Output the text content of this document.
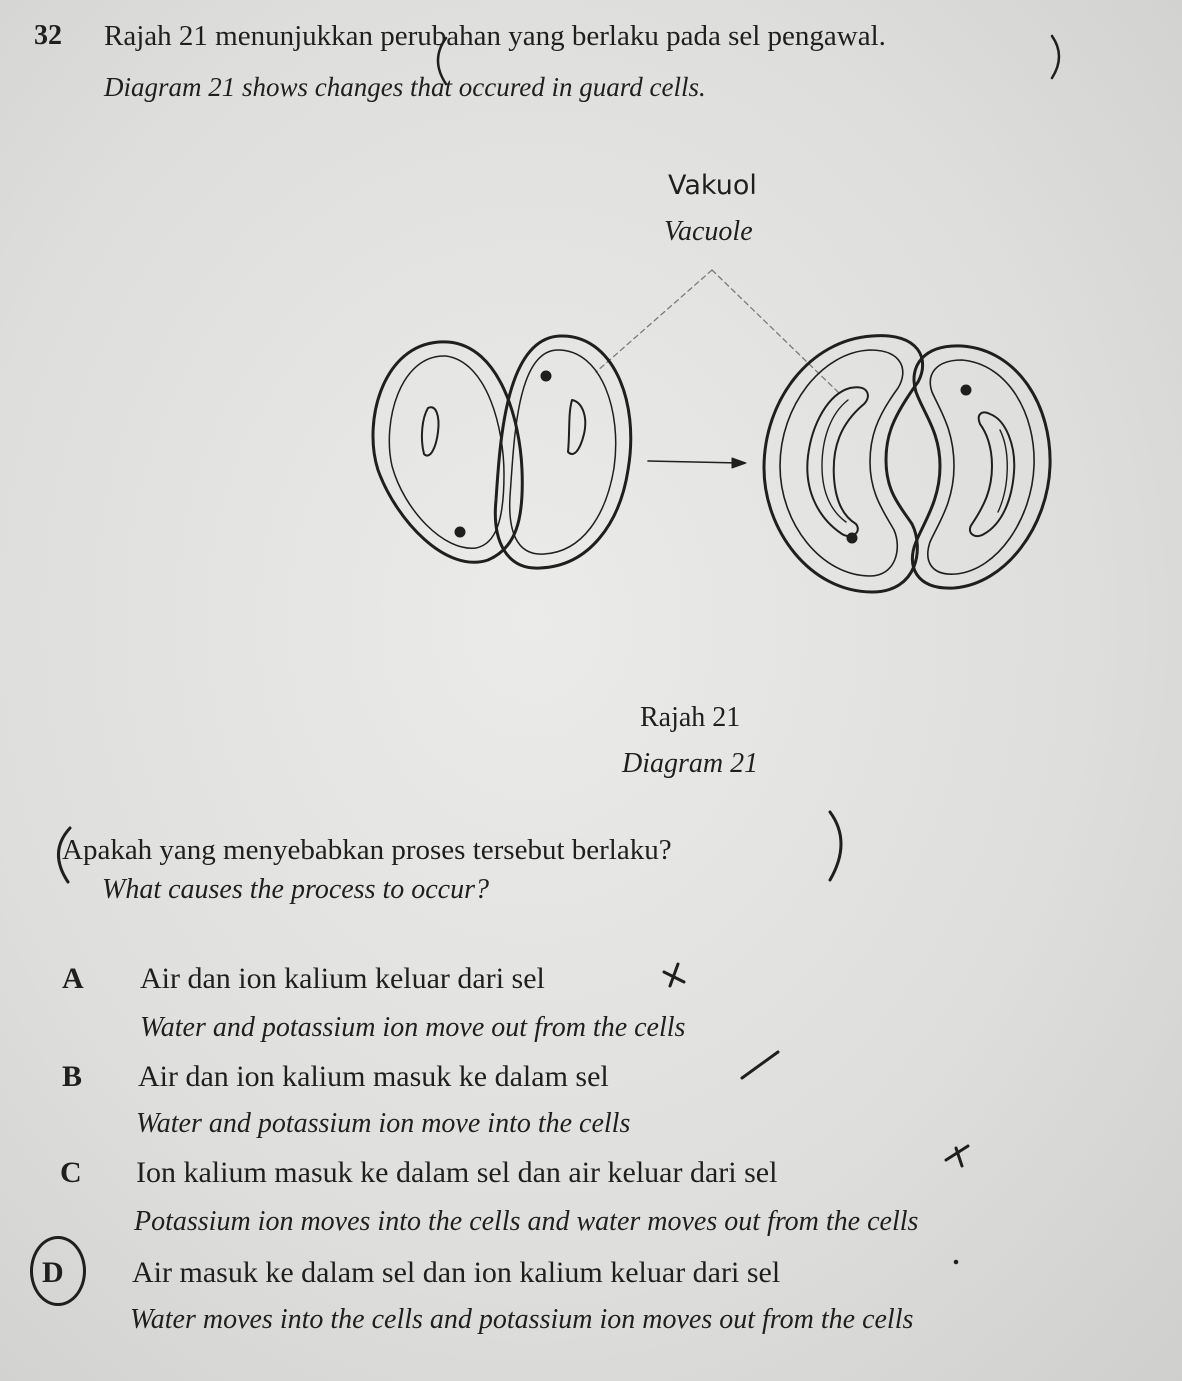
32 Rajah 21 menunjukkan perubahan yang berlaku pada sel pengawal.
Diagram 21 shows changes that occured in guard cells.
Vakuol
Vacuole
Rajah 21
Diagram 21
Apakah yang menyebabkan proses tersebut berlaku?
What causes the process to occur?
A Air dan ion kalium keluar dari sel
Water and potassium ion move out from the cells
B Air dan ion kalium masuk ke dalam sel
Water and potassium ion move into the cells
C Ion kalium masuk ke dalam sel dan air keluar dari sel
Potassium ion moves into the cells and water moves out from the cells
D Air masuk ke dalam sel dan ion kalium keluar dari sel
Water moves into the cells and potassium ion moves out from the cells
